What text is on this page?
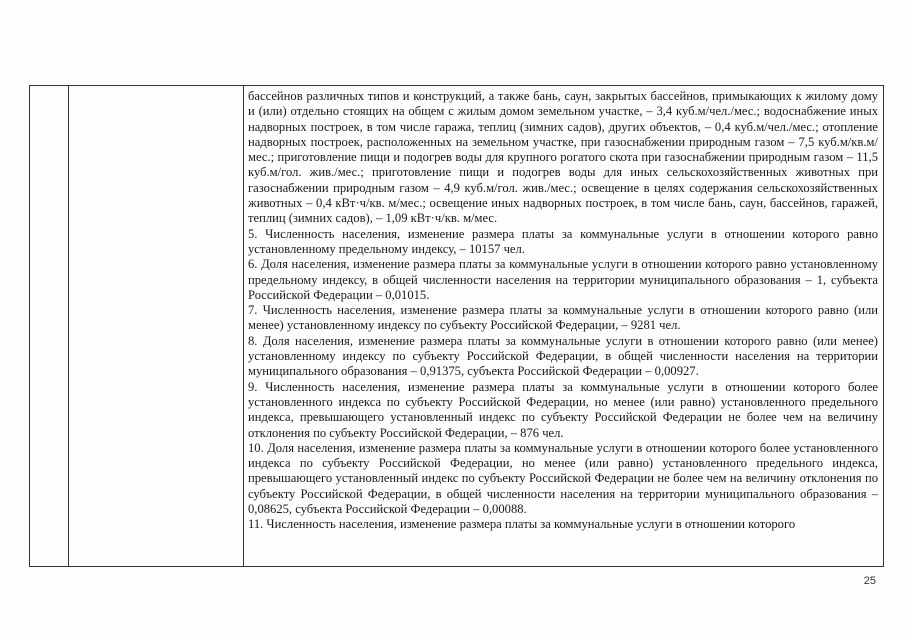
бассейнов различных типов и конструкций, а также бань, саун, закрытых бассейнов, примыкающих к жилому дому и (или) отдельно стоящих на общем с жилым домом земельном участке, – 3,4 куб.м/чел./мес.; водоснабжение иных надворных построек, в том числе гаража, теплиц (зимних садов), других объектов, – 0,4 куб.м/чел./мес.; отопление надворных построек, расположенных на земельном участке, при газоснабжении природным газом – 7,5 куб.м/кв.м/мес.; приготовление пищи и подогрев воды для крупного рогатого скота при газоснабжении природным газом – 11,5 куб.м/гол. жив./мес.; приготовление пищи и подогрев воды для иных сельскохозяйственных животных при газоснабжении природным газом – 4,9 куб.м/гол. жив./мес.; освещение в целях содержания сельскохозяйственных животных – 0,4 кВт·ч/кв. м/мес.; освещение иных надворных построек, в том числе бань, саун, бассейнов, гаражей, теплиц (зимних садов), – 1,09 кВт·ч/кв. м/мес.

5. Численность населения, изменение размера платы за коммунальные услуги в отношении которого равно установленному предельному индексу, – 10157 чел.

6. Доля населения, изменение размера платы за коммунальные услуги в отношении которого равно установленному предельному индексу, в общей численности населения на территории муниципального образования – 1, субъекта Российской Федерации – 0,01015.

7. Численность населения, изменение размера платы за коммунальные услуги в отношении которого равно (или менее) установленному индексу по субъекту Российской Федерации, – 9281 чел.

8. Доля населения, изменение размера платы за коммунальные услуги в отношении которого равно (или менее) установленному индексу по субъекту Российской Федерации, в общей численности населения на территории муниципального образования – 0,91375, субъекта Российской Федерации – 0,00927.

9. Численность населения, изменение размера платы за коммунальные услуги в отношении которого более установленного индекса по субъекту Российской Федерации, но менее (или равно) установленного предельного индекса, превышающего установленный индекс по субъекту Российской Федерации не более чем на величину отклонения по субъекту Российской Федерации, – 876 чел.

10. Доля населения, изменение размера платы за коммунальные услуги в отношении которого более установленного индекса по субъекту Российской Федерации, но менее (или равно) установленного предельного индекса, превышающего установленный индекс по субъекту Российской Федерации не более чем на величину отклонения по субъекту Российской Федерации, в общей численности населения на территории муниципального образования – 0,08625, субъекта Российской Федерации – 0,00088.

11. Численность населения, изменение размера платы за коммунальные услуги в отношении которого

25
